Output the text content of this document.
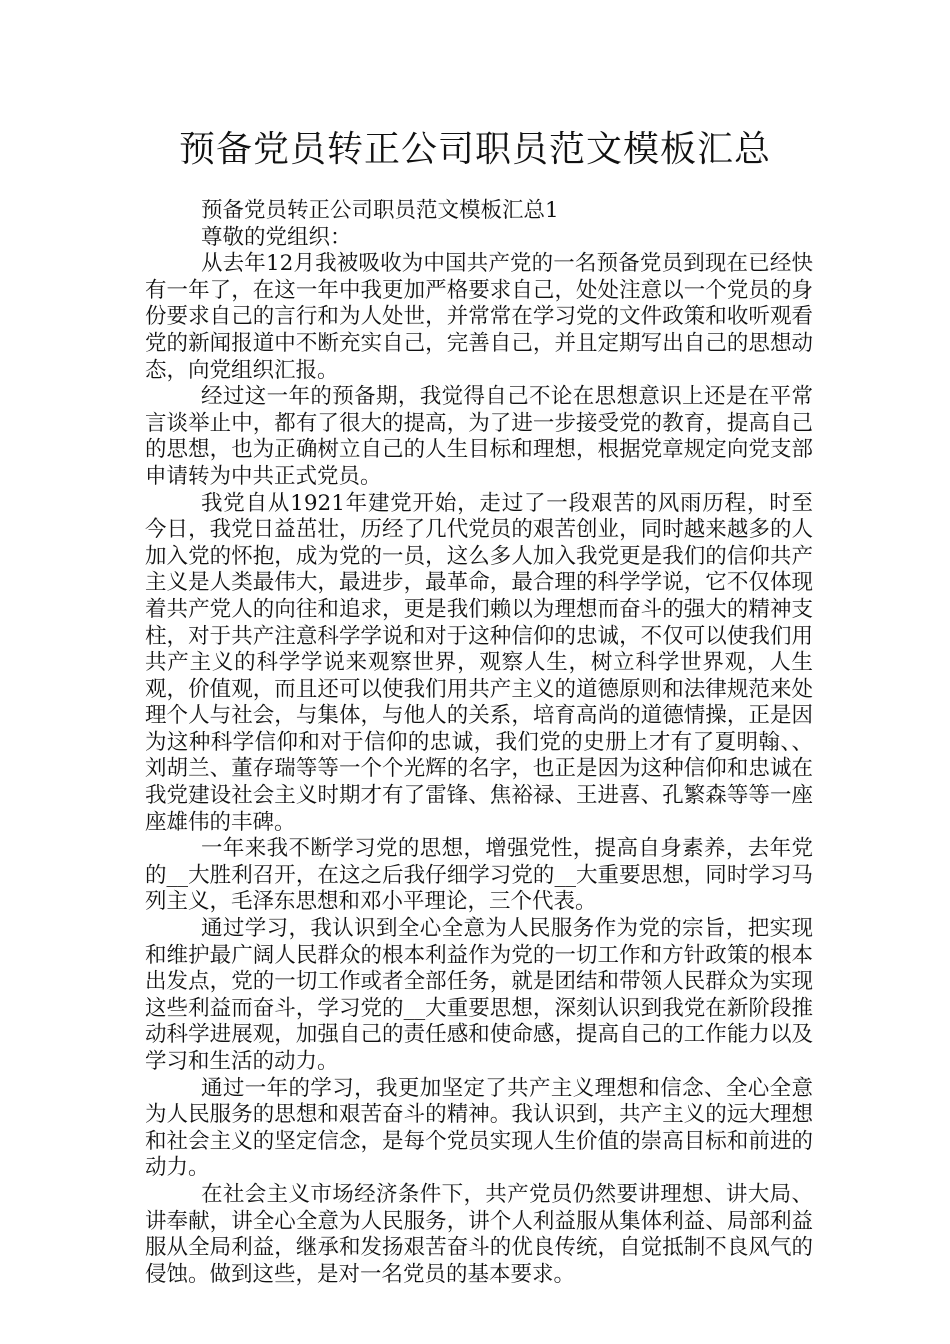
预备党员转正公司职员范文模板汇总
预备党员转正公司职员范文模板汇总1
尊敬的党组织：

从去年12月我被吸收为中国共产党的一名预备党员到现在已经快有一年了，在这一年中我更加严格要求自己，处处注意以一个党员的身份要求自己的言行和为人处世，并常常在学习党的文件政策和收听观看党的新闻报道中不断充实自己，完善自己，并且定期写出自己的思想动态，向党组织汇报。

经过这一年的预备期，我觉得自己不论在思想意识上还是在平常言谈举止中，都有了很大的提高，为了进一步接受党的教育，提高自己的思想，也为正确树立自己的人生目标和理想，根据党章规定向党支部申请转为中共正式党员。

我党自从1921年建党开始，走过了一段艰苦的风雨历程，时至今日，我党日益茁壮，历经了几代党员的艰苦创业，同时越来越多的人加入党的怀抱，成为党的一员，这么多人加入我党更是我们的信仰共产主义是人类最伟大，最进步，最革命，最合理的科学学说，它不仅体现着共产党人的向往和追求，更是我们赖以为理想而奋斗的强大的精神支柱，对于共产注意科学学说和对于这种信仰的忠诚，不仅可以使我们用共产主义的科学学说来观察世界，观察人生，树立科学世界观，人生观，价值观，而且还可以使我们用共产主义的道德原则和法律规范来处理个人与社会，与集体，与他人的关系，培育高尚的道德情操，正是因为这种科学信仰和对于信仰的忠诚，我们党的史册上才有了夏明翰、、刘胡兰、董存瑞等等一个个光辉的名字，也正是因为这种信仰和忠诚在我党建设社会主义时期才有了雷锋、焦裕禄、王进喜、孔繁森等等一座座雄伟的丰碑。

一年来我不断学习党的思想，增强党性，提高自身素养，去年党的__大胜利召开，在这之后我仔细学习党的__大重要思想，同时学习马列主义，毛泽东思想和邓小平理论，三个代表。

通过学习，我认识到全心全意为人民服务作为党的宗旨，把实现和维护最广阔人民群众的根本利益作为党的一切工作和方针政策的根本出发点，党的一切工作或者全部任务，就是团结和带领人民群众为实现这些利益而奋斗，学习党的__大重要思想，深刻认识到我党在新阶段推动科学进展观，加强自己的责任感和使命感，提高自己的工作能力以及学习和生活的动力。

通过一年的学习，我更加坚定了共产主义理想和信念、全心全意为人民服务的思想和艰苦奋斗的精神。我认识到，共产主义的远大理想和社会主义的坚定信念，是每个党员实现人生价值的崇高目标和前进的动力。

在社会主义市场经济条件下，共产党员仍然要讲理想、讲大局、讲奉献，讲全心全意为人民服务，讲个人利益服从集体利益、局部利益服从全局利益，继承和发扬艰苦奋斗的优良传统，自觉抵制不良风气的侵蚀。做到这些，是对一名党员的基本要求。
